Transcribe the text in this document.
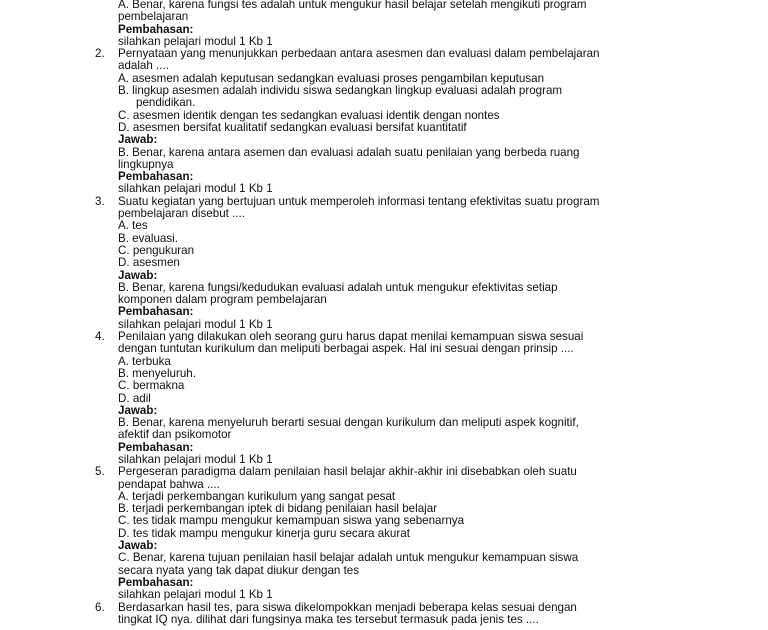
A. Benar, karena fungsi tes adalah untuk mengukur hasil belajar setelah mengikuti program
pembelajaran
Pembahasan:
silahkan pelajari modul 1 Kb 1
2. Pernyataan yang menunjukkan perbedaan antara asesmen dan evaluasi dalam pembelajaran
adalah ....
A. asesmen adalah keputusan sedangkan evaluasi proses pengambilan keputusan
B. lingkup asesmen adalah individu siswa sedangkan lingkup evaluasi adalah program
pendidikan.
C. asesmen identik dengan tes sedangkan evaluasi identik dengan nontes
D. asesmen bersifat kualitatif sedangkan evaluasi bersifat kuantitatif
Jawab:
B. Benar, karena antara asemen dan evaluasi adalah suatu penilaian yang berbeda ruang
lingkupnya
Pembahasan:
silahkan pelajari modul 1 Kb 1
3. Suatu kegiatan yang bertujuan untuk memperoleh informasi tentang efektivitas suatu program
pembelajaran disebut ....
A. tes
B. evaluasi.
C. pengukuran
D. asesmen
Jawab:
B. Benar, karena fungsi/kedudukan evaluasi adalah untuk mengukur efektivitas setiap
komponen dalam program pembelajaran
Pembahasan:
silahkan pelajari modul 1 Kb 1
4. Penilaian yang dilakukan oleh seorang guru harus dapat menilai kemampuan siswa sesuai
dengan tuntutan kurikulum dan meliputi berbagai aspek. Hal ini sesuai dengan prinsip ....
A. terbuka
B. menyeluruh.
C. bermakna
D. adil
Jawab:
B. Benar, karena menyeluruh berarti sesuai dengan kurikulum dan meliputi aspek kognitif,
afektif dan psikomotor
Pembahasan:
silahkan pelajari modul 1 Kb 1
5. Pergeseran paradigma dalam penilaian hasil belajar akhir-akhir ini disebabkan oleh suatu
pendapat bahwa ....
A. terjadi perkembangan kurikulum yang sangat pesat
B. terjadi perkembangan iptek di bidang penilaian hasil belajar
C. tes tidak mampu mengukur kemampuan siswa yang sebenarnya
D. tes tidak mampu mengukur kinerja guru secara akurat
Jawab:
C. Benar, karena tujuan penilaian hasil belajar adalah untuk mengukur kemampuan siswa
secara nyata yang tak dapat diukur dengan tes
Pembahasan:
silahkan pelajari modul 1 Kb 1
6. Berdasarkan hasil tes, para siswa dikelompokkan menjadi beberapa kelas sesuai dengan
tingkat IQ nya. dilihat dari fungsinya maka tes tersebut termasuk pada jenis tes ....
